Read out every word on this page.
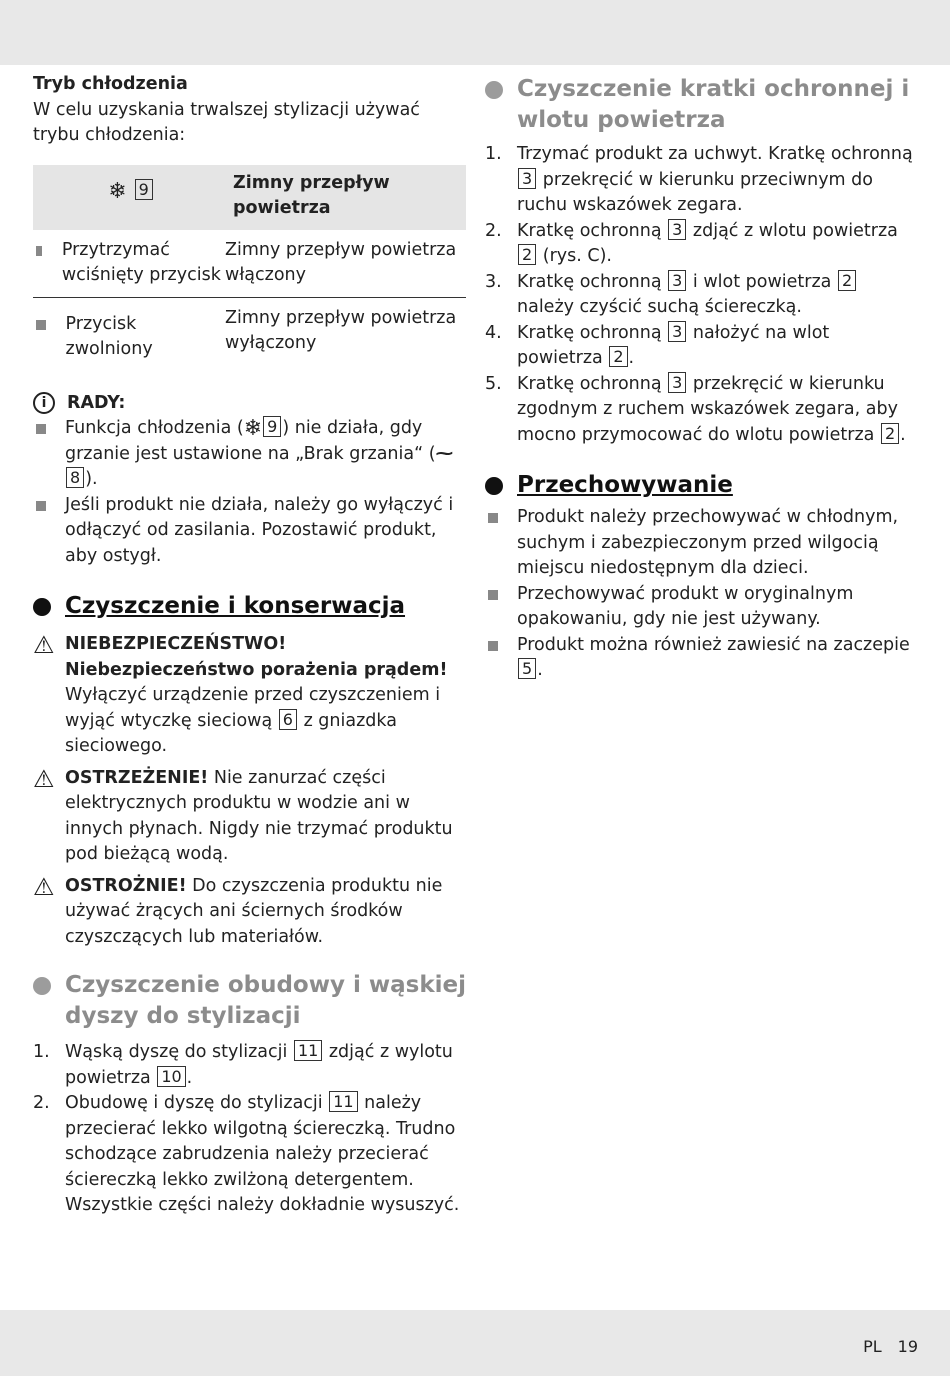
Tryb chłodzenia

W celu uzyskania trwalszej stylizacji używać trybu chłodzenia:

❄ 9	Zimny przepływ powietrza

Przytrzymać wciśnięty przycisk	Zimny przepływ powietrza włączony

Przycisk zwolniony	Zimny przepływ powietrza wyłączony
i	RADY:
Funkcja chłodzenia (❄ 9 ) nie działa, gdy grzanie jest ustawione na „Brak grzania“ (⁓8 ).
Jeśli produkt nie działa, należy go wyłączyć i odłączyć od zasilania. Pozostawić produkt, aby ostygł.
Czyszczenie i konserwacja
⚠ NIEBEZPIECZEŃSTWO!

Niebezpieczeństwo porażenia prądem!

Wyłączyć urządzenie przed czyszczeniem i wyjąć wtyczkę sieciową 6 z gniazdka sieciowego.

⚠ OSTRZEŻENIE! Nie zanurzać części elektrycznych produktu w wodzie ani w innych płynach. Nigdy nie trzymać produktu pod bieżącą wodą.

⚠ OSTROŻNIE! Do czyszczenia produktu nie używać żrących ani ściernych środków czyszczących lub materiałów.

Czyszczenie obudowy i wąskiej dyszy do stylizacji
1. Wąską dyszę do stylizacji 11 zdjąć z wylotu powietrza 10 .
2. Obudowę i dyszę do stylizacji 11 należy przecierać lekko wilgotną ściereczką. Trudno schodzące zabrudzenia należy przecierać ściereczką lekko zwilżoną detergentem. Wszystkie części należy dokładnie wysuszyć.
Czyszczenie kratki ochronnej i wlotu powietrza
1. Trzymać produkt za uchwyt. Kratkę ochronną 3 przekręcić w kierunku przeciwnym do ruchu wskazówek zegara.
2. Kratkę ochronną 3 zdjąć z wlotu powietrza 2 (rys. C).
3. Kratkę ochronną 3 i wlot powietrza 2 należy czyścić suchą ściereczką.
4. Kratkę ochronną 3 nałożyć na wlot powietrza 2 .
5. Kratkę ochronną 3 przekręcić w kierunku zgodnym z ruchem wskazówek zegara, aby mocno przymocować do wlotu powietrza 2 .
Przechowywanie
Produkt należy przechowywać w chłodnym, suchym i zabezpieczonym przed wilgocią miejscu niedostępnym dla dzieci.
Przechowywać produkt w oryginalnym opakowaniu, gdy nie jest używany.
Produkt można również zawiesić na zaczepie 5 .
PL 19
